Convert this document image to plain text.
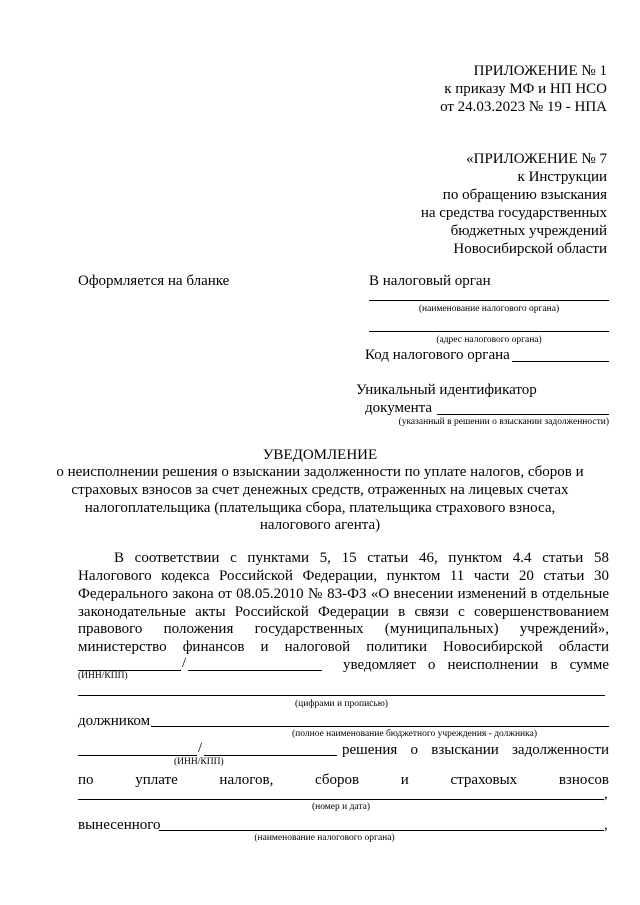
ПРИЛОЖЕНИЕ № 1
к приказу МФ и НП НСО
от 24.03.2023 № 19 - НПА
«ПРИЛОЖЕНИЕ № 7
к Инструкции
по обращению взыскания
на средства государственных
бюджетных учреждений
Новосибирской области
Оформляется на бланке	В налоговый орган
(наименование налогового органа)
(адрес налогового органа)
Код налогового органа
Уникальный идентификатор
документа
(указанный в решении о взыскании задолженности)
УВЕДОМЛЕНИЕ
о неисполнении решения о взыскании задолженности по уплате налогов, сборов и
страховых взносов за счет денежных средств, отраженных на лицевых счетах
налогоплательщика (плательщика сбора, плательщика страхового взноса,
налогового агента)
В соответствии с пунктами 5, 15 статьи 46, пунктом 4.4 статьи 58
Налогового кодекса Российской Федерации, пунктом 11 части 20 статьи 30
Федерального закона от 08.05.2010 № 83-ФЗ «О внесении изменений в отдельные
законодательные акты Российской Федерации в связи с совершенствованием
правового положения государственных (муниципальных) учреждений»,
министерство финансов и налоговой политики Новосибирской области
/	уведомляет о неисполнении в сумме
(ИНН/КПП)
(цифрами и прописью)
должником
(полное наименование бюджетного учреждения - должника)
/	решения о взыскании задолженности
(ИНН/КПП)
по уплате налогов, сборов и страховых взносов
,
(номер и дата)
вынесенного	,
(наименование налогового органа)
